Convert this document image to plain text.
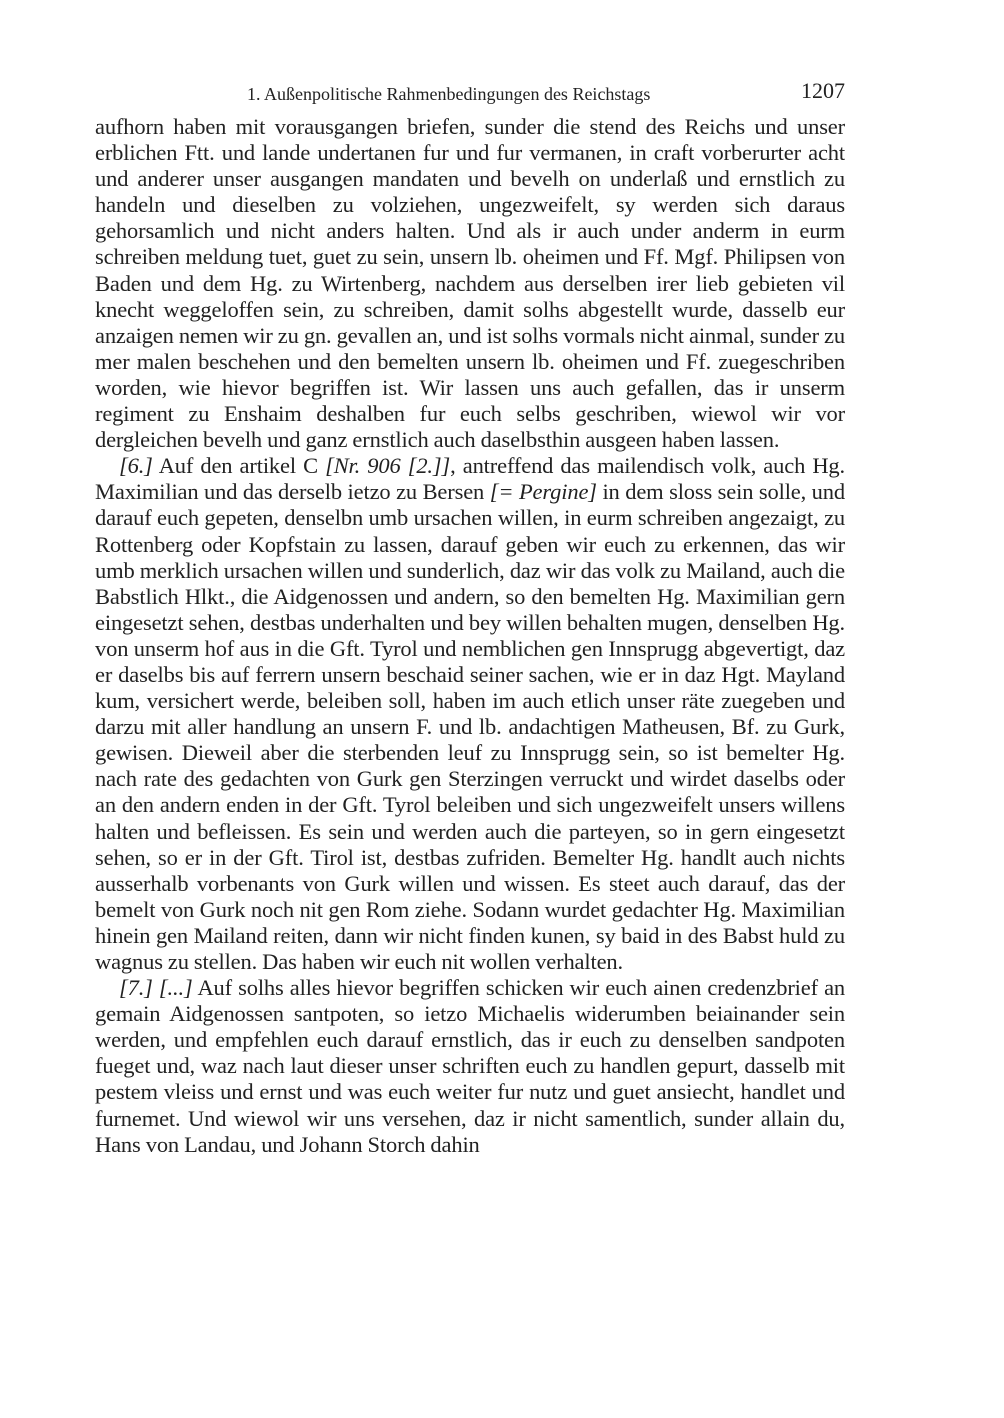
1. Außenpolitische Rahmenbedingungen des Reichstags	1207

aufhorn haben mit vorausgangen briefen, sunder die stend des Reichs und unser erblichen Ftt. und lande undertanen fur und fur vermanen, in craft vorberurter acht und anderer unser ausgangen mandaten und bevelh on underlaß und ernstlich zu handeln und dieselben zu volziehen, ungezweifelt, sy werden sich daraus gehorsamlich und nicht anders halten. Und als ir auch under anderm in eurm schreiben meldung tuet, guet zu sein, unsern lb. oheimen und Ff. Mgf. Philipsen von Baden und dem Hg. zu Wirtenberg, nachdem aus derselben irer lieb gebieten vil knecht weggeloffen sein, zu schreiben, damit solhs abgestellt wurde, dasselb eur anzaigen nemen wir zu gn. gevallen an, und ist solhs vormals nicht ainmal, sunder zu mer malen beschehen und den bemelten unsern lb. oheimen und Ff. zuegeschriben worden, wie hievor begriffen ist. Wir lassen uns auch gefallen, das ir unserm regiment zu Enshaim deshalben fur euch selbs geschriben, wiewol wir vor dergleichen bevelh und ganz ernstlich auch daselbsthin ausgeen haben lassen.

[6.] Auf den artikel C [Nr. 906 [2.]], antreffend das mailendisch volk, auch Hg. Maximilian und das derselb ietzo zu Bersen [= Pergine] in dem sloss sein solle, und darauf euch gepeten, denselbn umb ursachen willen, in eurm schreiben angezaigt, zu Rottenberg oder Kopfstain zu lassen, darauf geben wir euch zu erkennen, das wir umb merklich ursachen willen und sunderlich, daz wir das volk zu Mailand, auch die Babstlich Hlkt., die Aidgenossen und andern, so den bemelten Hg. Maximilian gern eingesetzt sehen, destbas underhalten und bey willen behalten mugen, denselben Hg. von unserm hof aus in die Gft. Tyrol und nemblichen gen Innsprugg abgevertigt, daz er daselbs bis auf ferrern unsern beschaid seiner sachen, wie er in daz Hgt. Mayland kum, versichert werde, beleiben soll, haben im auch etlich unser räte zuegeben und darzu mit aller handlung an unsern F. und lb. andachtigen Matheusen, Bf. zu Gurk, gewisen. Dieweil aber die sterbenden leuf zu Innsprugg sein, so ist bemelter Hg. nach rate des gedachten von Gurk gen Sterzingen verruckt und wirdet daselbs oder an den andern enden in der Gft. Tyrol beleiben und sich ungezweifelt unsers willens halten und befleissen. Es sein und werden auch die parteyen, so in gern eingesetzt sehen, so er in der Gft. Tirol ist, destbas zufriden. Bemelter Hg. handlt auch nichts ausserhalb vorbenants von Gurk willen und wissen. Es steet auch darauf, das der bemelt von Gurk noch nit gen Rom ziehe. Sodann wurdet gedachter Hg. Maximilian hinein gen Mailand reiten, dann wir nicht finden kunen, sy baid in des Babst huld zu wagnus zu stellen. Das haben wir euch nit wollen verhalten.

[7.] [...] Auf solhs alles hievor begriffen schicken wir euch ainen credenzbrief an gemain Aidgenossen santpoten, so ietzo Michaelis widerumben beiainander sein werden, und empfehlen euch darauf ernstlich, das ir euch zu denselben sandpoten fueget und, waz nach laut dieser unser schriften euch zu handlen gepurt, dasselb mit pestem vleiss und ernst und was euch weiter fur nutz und guet ansiecht, handlet und furnemet. Und wiewol wir uns versehen, daz ir nicht samentlich, sunder allain du, Hans von Landau, und Johann Storch dahin
